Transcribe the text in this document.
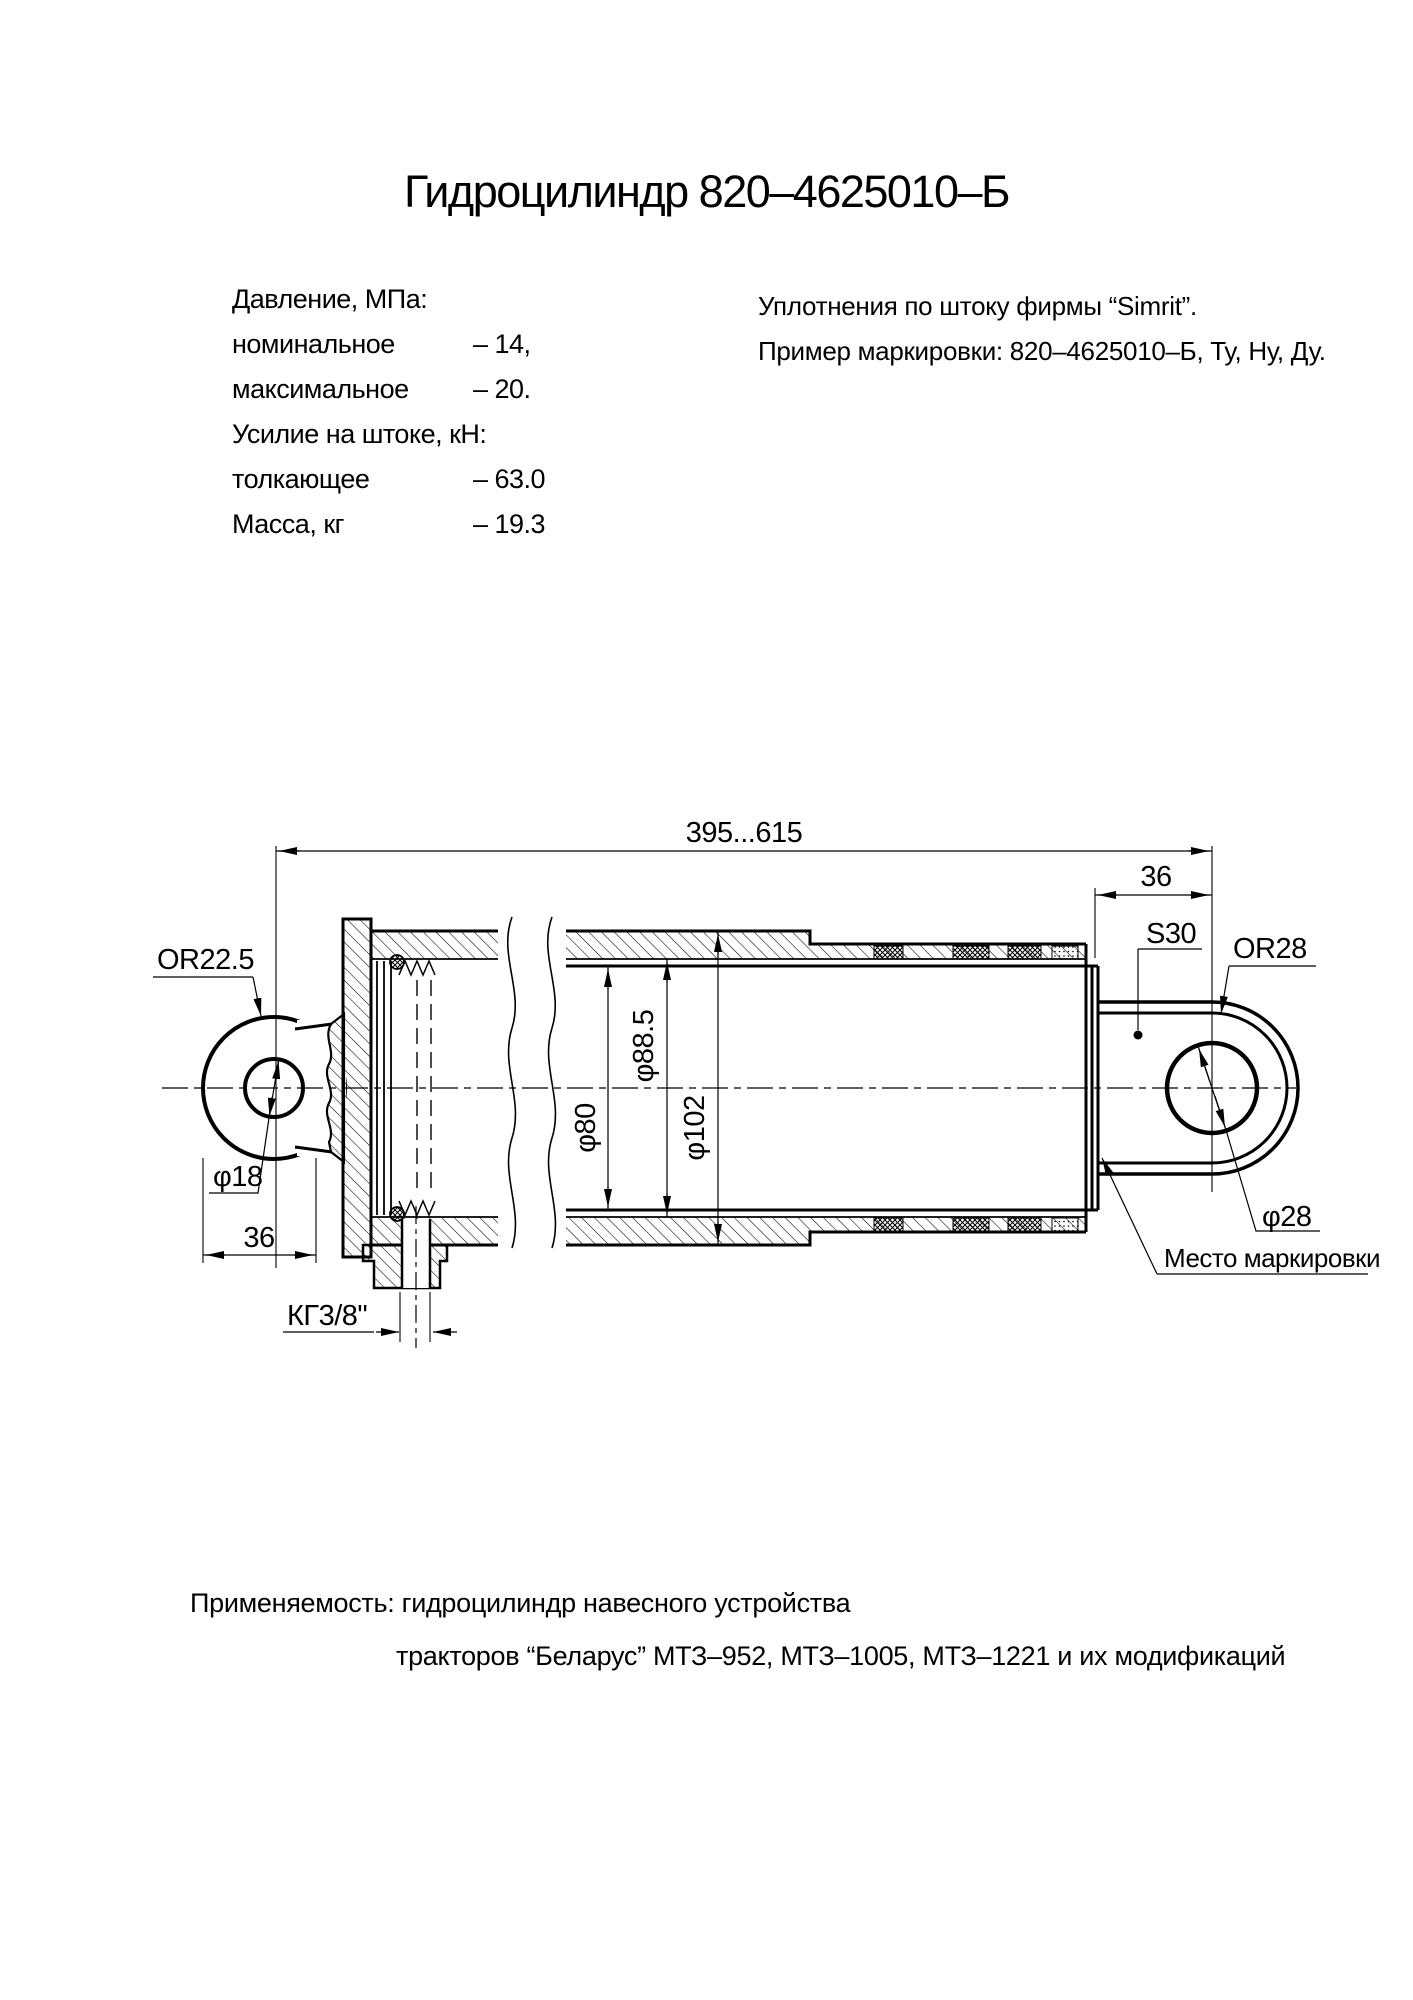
Гидроцилиндр 820–4625010–Б
Давление, МПа:
номинальное	– 14,
максимальное – 20.
Усилие на штоке, кН:
толкающее	– 63.0
Масса, кг	– 19.3
Уплотнения по штоку фирмы “Simrit”.
Пример маркировки: 820–4625010–Б, Ту, Ну, Ду.
395...615
36
S30 OR28
φ28
Место маркировки
OR22.5
φ18
36
КГ3/8"
φ80
φ88.5
φ102
Применяемость: гидроцилиндр навесного устройства
тракторов “Беларус” МТЗ–952, МТЗ–1005, МТЗ–1221 и их модификаций
